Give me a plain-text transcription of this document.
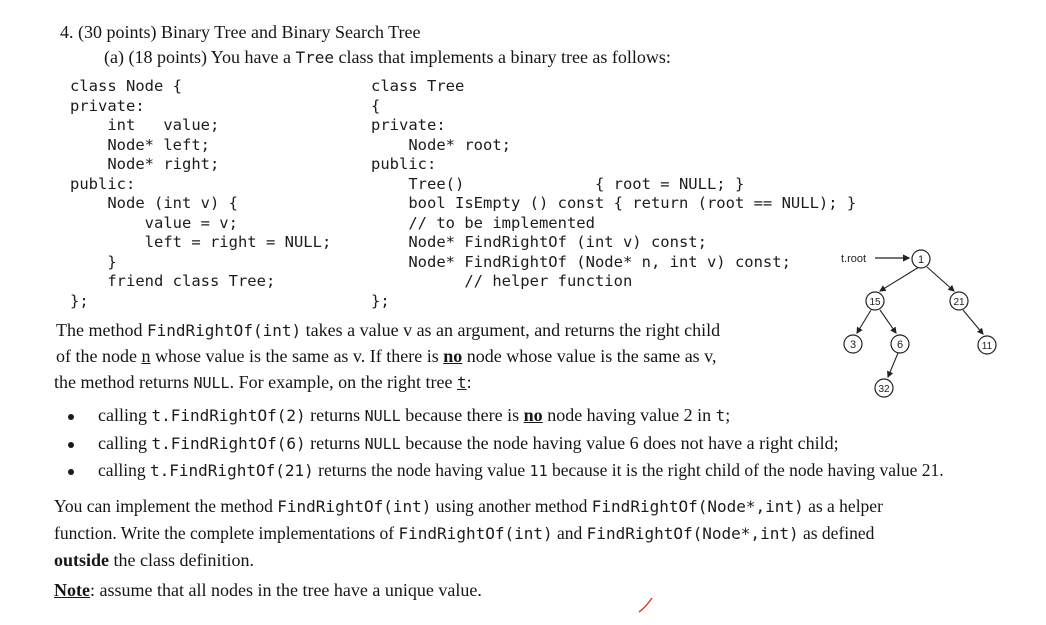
4. (30 points) Binary Tree and Binary Search Tree
(a) (18 points) You have a Tree class that implements a binary tree as follows:
class Node {
private:
int   value;
Node* left;
Node* right;
public:
Node (int v) {
value = v;
left = right = NULL;
}
friend class Tree;
};
class Tree
{
private:
Node* root;
public:
Tree()              { root = NULL; }
bool IsEmpty () const { return (root == NULL); }
// to be implemented
Node* FindRightOf (int v) const;
Node* FindRightOf (Node* n, int v) const;
// helper function
};
t.root	1
15	21
3	6	11
32
The method FindRightOf(int) takes a value v as an argument, and returns the right child
of the node n whose value is the same as v. If there is no node whose value is the same as v,
the method returns NULL. For example, on the right tree t:
calling t.FindRightOf(2) returns NULL because there is no node having value 2 in t;
calling t.FindRightOf(6) returns NULL because the node having value 6 does not have a right child;
calling t.FindRightOf(21) returns the node having value 11 because it is the right child of the node having value 21.
You can implement the method FindRightOf(int) using another method FindRightOf(Node*,int) as a helper
function. Write the complete implementations of FindRightOf(int) and FindRightOf(Node*,int) as defined
outside the class definition.
Note: assume that all nodes in the tree have a unique value.
